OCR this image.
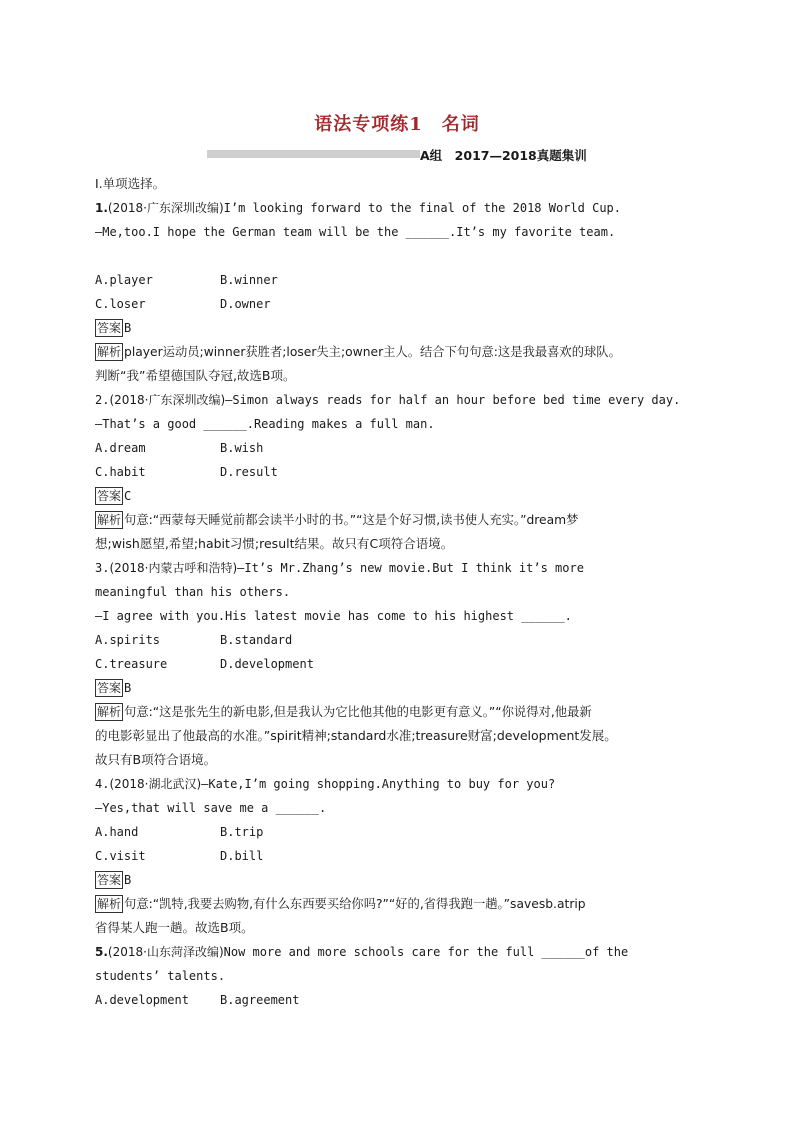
语法专项练1　名词
A组　2017—2018真题集训
Ⅰ.单项选择。
1.(2018·广东深圳改编)I’m looking forward to the final of the 2018 World Cup.
—Me,too.I hope the German team will be the ______.It’s my favorite team.
A.player	B.winner
C.loser	D.owner
答案 B
解析 player运动员;winner获胜者;loser失主;owner主人。结合下句句意:这是我最喜欢的球队。
判断“我”希望德国队夺冠,故选B项。
2.(2018·广东深圳改编)—Simon always reads for half an hour before bed time every day.
—That’s a good ______.Reading makes a full man.
A.dream	B.wish
C.habit	D.result
答案 C
解析 句意:“西蒙每天睡觉前都会读半小时的书。”“这是个好习惯,读书使人充实。”dream梦
想;wish愿望,希望;habit习惯;result结果。故只有C项符合语境。
3.(2018·内蒙古呼和浩特)—It’s Mr.Zhang’s new movie.But I think it’s more
meaningful than his others.
—I agree with you.His latest movie has come to his highest ______.
A.spirits	B.standard
C.treasure	D.development
答案 B
解析 句意:“这是张先生的新电影,但是我认为它比他其他的电影更有意义。”“你说得对,他最新
的电影彰显出了他最高的水准。”spirit精神;standard水准;treasure财富;development发展。
故只有B项符合语境。
4.(2018·湖北武汉)—Kate,I’m going shopping.Anything to buy for you?
—Yes,that will save me a ______.
A.hand	B.trip
C.visit	D.bill
答案 B
解析 句意:“凯特,我要去购物,有什么东西要买给你吗?”“好的,省得我跑一趟。”savesb.atrip
省得某人跑一趟。故选B项。
5.(2018·山东菏泽改编)Now more and more schools care for the full ______of the
students’ talents.
A.development	B.agreement
